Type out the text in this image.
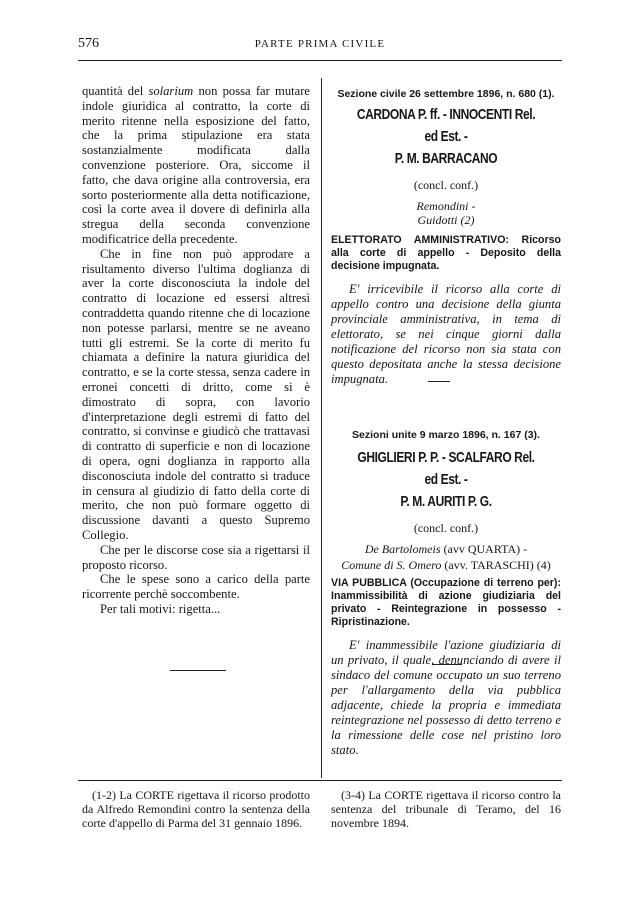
576	PARTE PRIMA CIVILE

quantità del solarium non possa far mutare indole giuridica al contratto, la corte di merito ritenne nella esposizione del fatto, che la prima stipulazione era stata sostanzialmente modificata dalla convenzione posteriore. Ora, siccome il fatto, che dava origine alla controversia, era sorto posteriormente alla detta notificazione, così la corte avea il dovere di definirla alla stregua della seconda convenzione modificatrice della precedente.

Che in fine non può approdare a risultamento diverso l'ultima doglianza di aver la corte disconosciuta la indole del contratto di locazione ed essersi altresì contraddetta quando ritenne che di locazione non potesse parlarsi, mentre se ne aveano tutti gli estremi. Se la corte di merito fu chiamata a definire la natura giuridica del contratto, e se la corte stessa, senza cadere in erronei concetti di dritto, come si è dimostrato di sopra, con lavorio d'interpretazione degli estremi di fatto del contratto, si convinse e giudicò che trattavasi di contratto di superficie e non di locazione di opera, ogni doglianza in rapporto alla disconosciuta indole del contratto si traduce in censura al giudizio di fatto della corte di merito, che non può formare oggetto di discussione davanti a questo Supremo Collegio.

Che per le discorse cose sia a rigettarsi il proposto ricorso.

Che le spese sono a carico della parte ricorrente perchè soccombente.

Per tali motivi: rigetta...

Sezione civile 26 settembre 1896, n. 680 (1).
CARDONA P. ff. - INNOCENTI Rel. ed Est. -
P. M. BARRACANO
(concl. conf.)
Remondini -
Guidotti (2)
ELETTORATO AMMINISTRATIVO: Ricorso alla corte di appello - Deposito della decisione impugnata.
E' irricevibile il ricorso alla corte di appello contro una decisione della giunta provinciale amministrativa, in tema di elettorato, se nei cinque giorni dalla notificazione del ricorso non sia stata con questo depositata anche la stessa decisione impugnata.
Sezioni unite 9 marzo 1896, n. 167 (3).
GHIGLIERI P. P. - SCALFARO Rel. ed Est. -
P. M. AURITI P. G.
(concl. conf.)
De Bartolomeis (avv QUARTA) -
Comune di S. Omero (avv. TARASCHI) (4)
VIA PUBBLICA (Occupazione di terreno per): Inammissibilità di azione giudiziaria del privato - Reintegrazione in possesso - Ripristinazione.
E' inammessibile l'azione giudiziaria di un privato, il quale, denunciando di avere il sindaco del comune occupato un suo terreno per l'allargamento della via pubblica adjacente, chiede la propria e immediata reintegrazione nel possesso di detto terreno e la rimessione delle cose nel pristino loro stato.
(1-2) La CORTE rigettava il ricorso prodotto da Alfredo Remondini contro la sentenza della corte d'appello di Parma del 31 gennaio 1896.
(3-4) La CORTE rigettava il ricorso contro la sentenza del tribunale di Teramo, del 16 novembre 1894.
